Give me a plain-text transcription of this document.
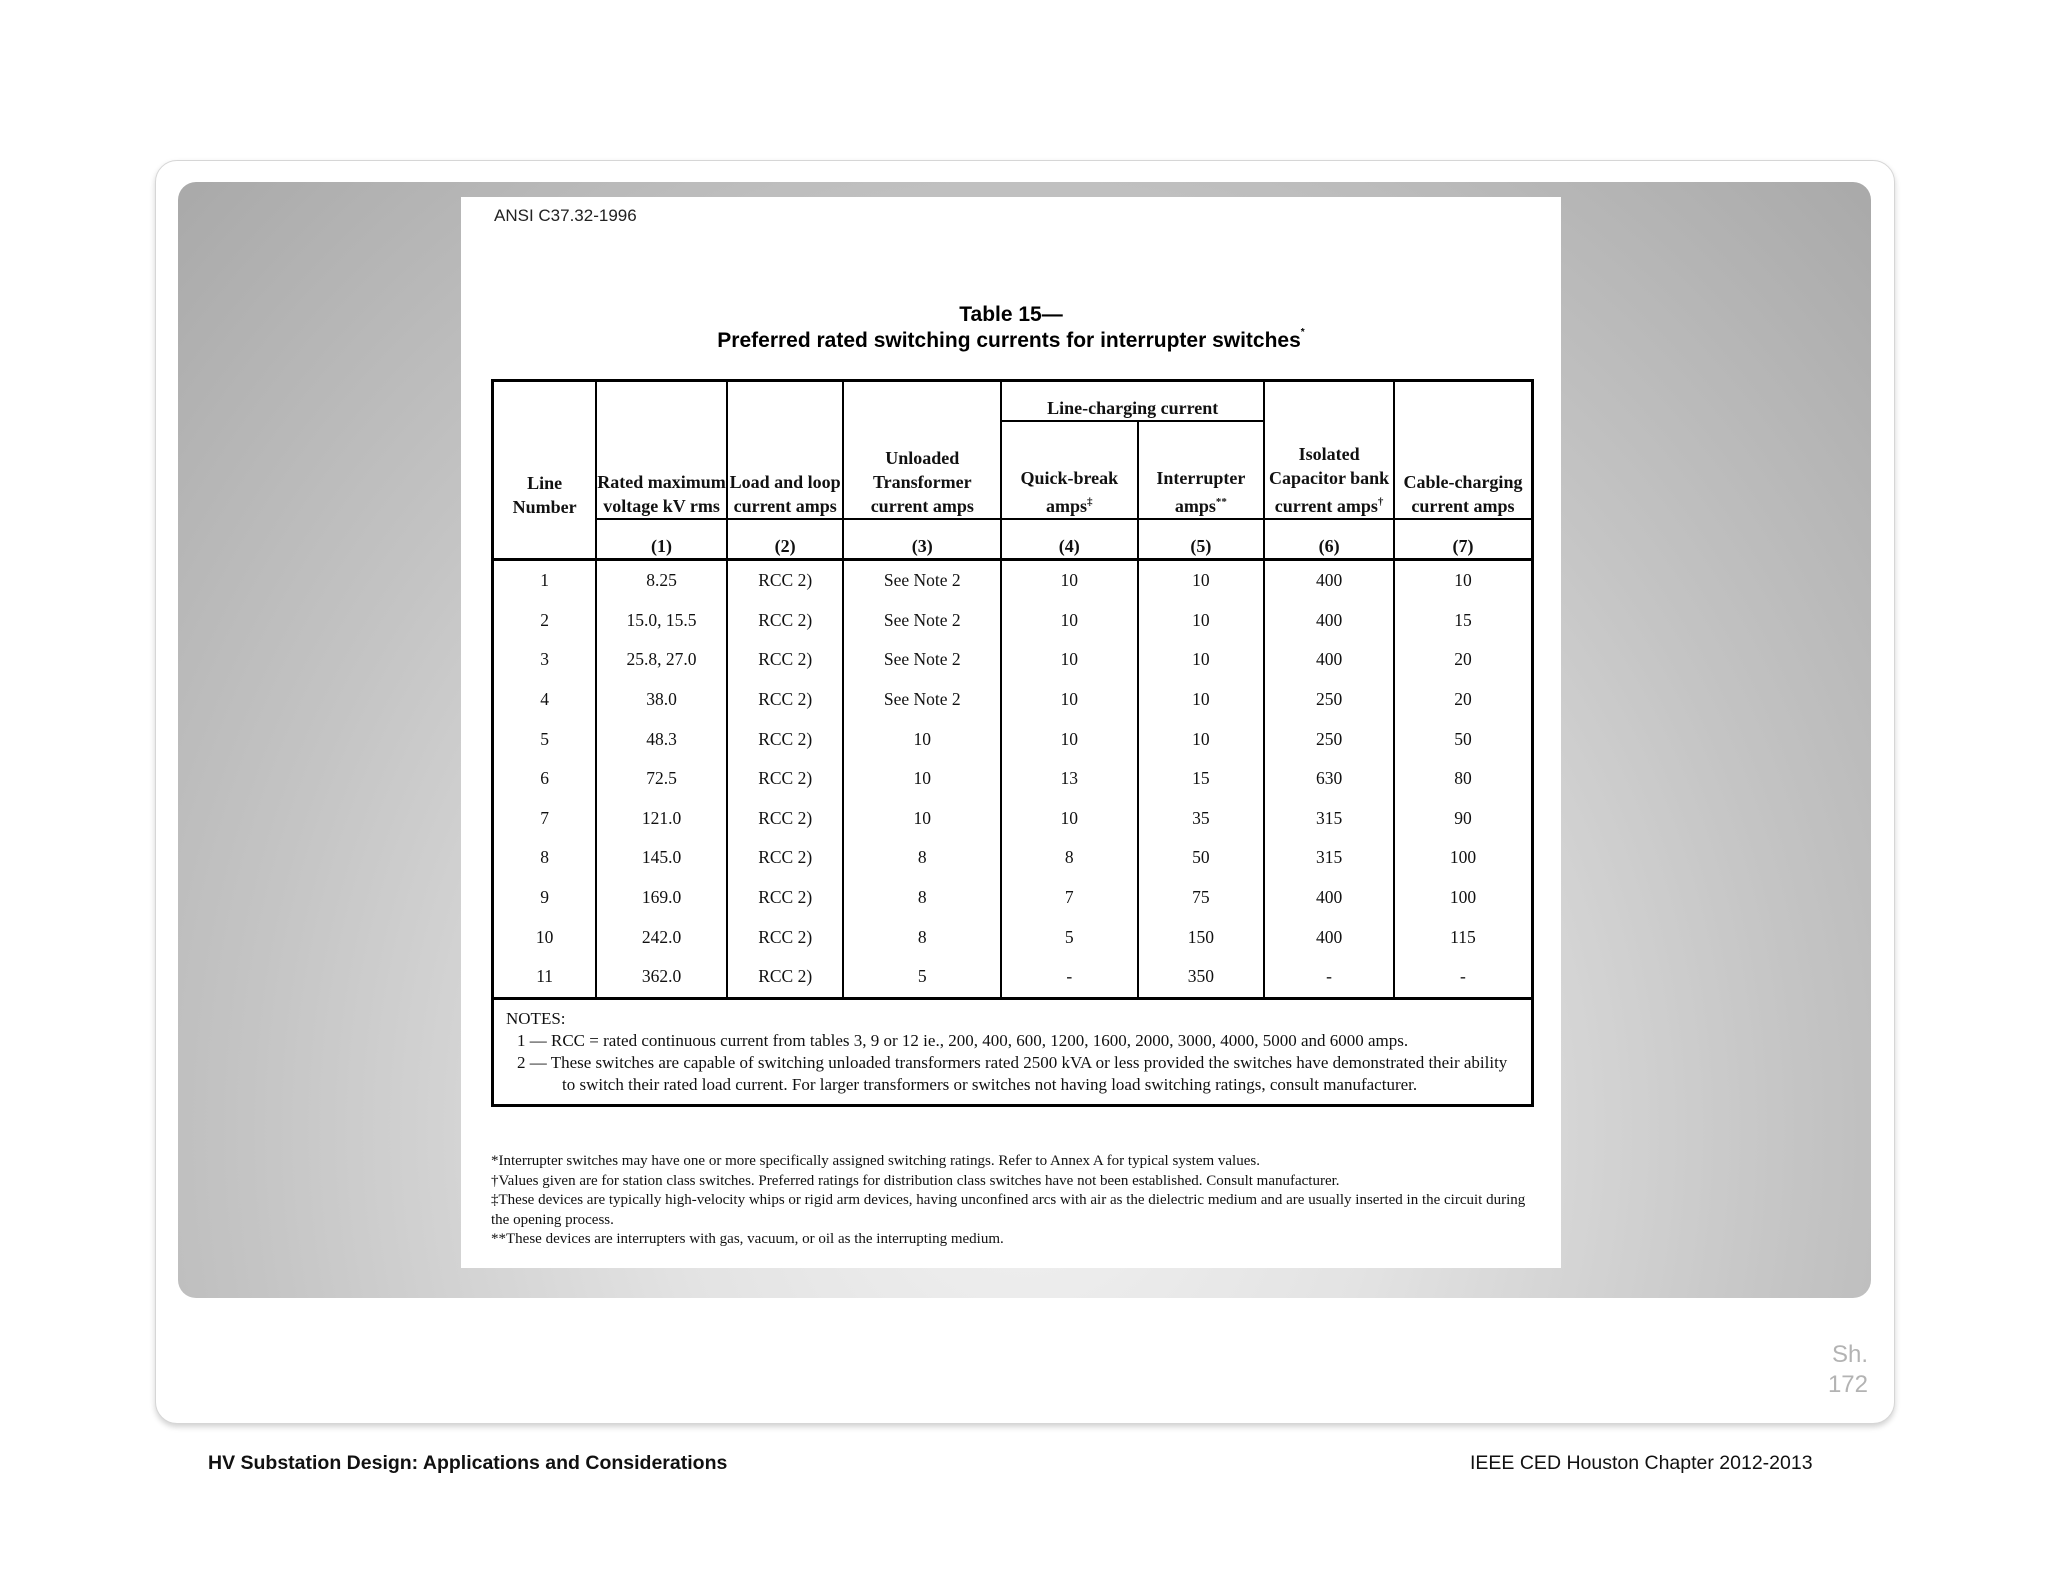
ANSI C37.32-1996
Table 15—
Preferred rated switching currents for interrupter switches*
Line Number	Rated maximum voltage kV rms	Load and loop current amps	Unloaded Transformer current amps	Line-charging current		Isolated Capacitor bank current amps†	Cable-charging current amps
				Quick-break amps‡	Interrupter amps**
	(1)	(2)	(3)	(4)	(5)	(6)	(7)
1	8.25	RCC 2)	See Note 2	10	10	400	10
2	15.0, 15.5	RCC 2)	See Note 2	10	10	400	15
3	25.8, 27.0	RCC 2)	See Note 2	10	10	400	20
4	38.0	RCC 2)	See Note 2	10	10	250	20
5	48.3	RCC 2)	10	10	10	250	50
6	72.5	RCC 2)	10	13	15	630	80
7	121.0	RCC 2)	10	10	35	315	90
8	145.0	RCC 2)	8	8	50	315	100
9	169.0	RCC 2)	8	7	75	400	100
10	242.0	RCC 2)	8	5	150	400	115
11	362.0	RCC 2)	5	-	350	-	-

NOTES:
1 — RCC = rated continuous current from tables 3, 9 or 12 ie., 200, 400, 600, 1200, 1600, 2000, 3000, 4000, 5000 and 6000 amps.
2 — These switches are capable of switching unloaded transformers rated 2500 kVA or less provided the switches have demonstrated their ability to switch their rated load current. For larger transformers or switches not having load switching ratings, consult manufacturer.							
*Interrupter switches may have one or more specifically assigned switching ratings. Refer to Annex A for typical system values.
†Values given are for station class switches. Preferred ratings for distribution class switches have not been established. Consult manufacturer.
‡These devices are typically high-velocity whips or rigid arm devices, having unconfined arcs with air as the dielectric medium and are usually inserted in the circuit during the opening process.
**These devices are interrupters with gas, vacuum, or oil as the interrupting medium.
Sh.
172
HV Substation Design: Applications and Considerations	IEEE CED Houston Chapter 2012-2013
